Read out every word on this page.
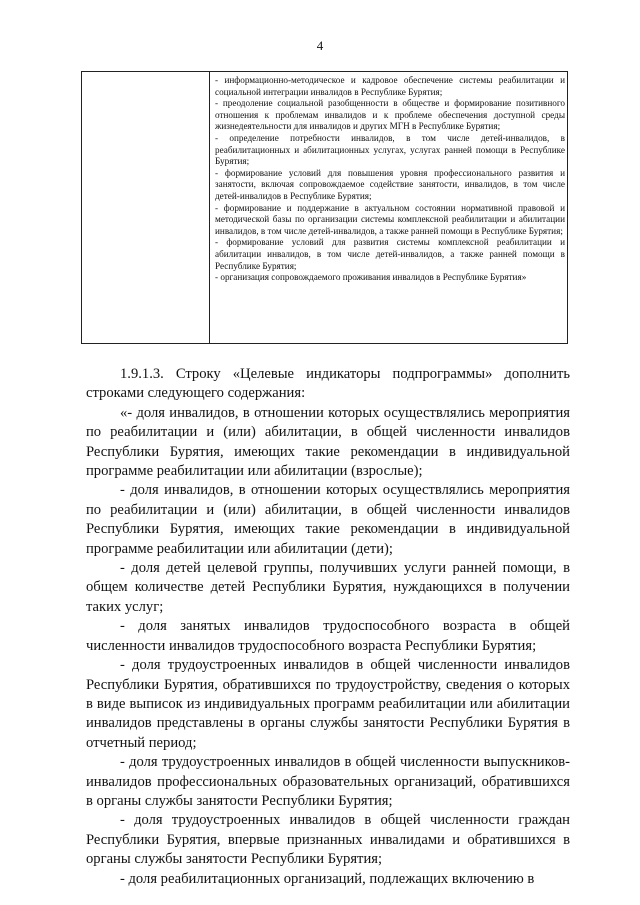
4

- информационно-методическое и кадровое обеспечение системы реабилитации и социальной интеграции инвалидов в Республике Бурятия;

- преодоление социальной разобщенности в обществе и формирование позитивного отношения к проблемам инвалидов и к проблеме обеспечения доступной среды жизнедеятельности для инвалидов и других МГН в Республике Бурятия;

- определение потребности инвалидов, в том числе детей-инвалидов, в реабилитационных и абилитационных услугах, услугах ранней помощи в Республике Бурятия;

- формирование условий для повышения уровня профессионального развития и занятости, включая сопровождаемое содействие занятости, инвалидов, в том числе детей-инвалидов в Республике Бурятия;

- формирование и поддержание в актуальном состоянии нормативной правовой и методической базы по организации системы комплексной реабилитации и абилитации инвалидов, в том числе детей-инвалидов, а также ранней помощи в Республике Бурятия;

- формирование условий для развития системы комплексной реабилитации и абилитации инвалидов, в том числе детей-инвалидов, а также ранней помощи в Республике Бурятия;

- организация сопровождаемого проживания инвалидов в Республике Бурятия»

1.9.1.3. Строку «Целевые индикаторы подпрограммы» дополнить строками следующего содержания:

«- доля инвалидов, в отношении которых осуществлялись мероприятия по реабилитации и (или) абилитации, в общей численности инвалидов Республики Бурятия, имеющих такие рекомендации в индивидуальной программе реабилитации или абилитации (взрослые);

- доля инвалидов, в отношении которых осуществлялись мероприятия по реабилитации и (или) абилитации, в общей численности инвалидов Республики Бурятия, имеющих такие рекомендации в индивидуальной программе реабилитации или абилитации (дети);

- доля детей целевой группы, получивших услуги ранней помощи, в общем количестве детей Республики Бурятия, нуждающихся в получении таких услуг;

- доля занятых инвалидов трудоспособного возраста в общей численности инвалидов трудоспособного возраста Республики Бурятия;

- доля трудоустроенных инвалидов в общей численности инвалидов Республики Бурятия, обратившихся по трудоустройству, сведения о которых в виде выписок из индивидуальных программ реабилитации или абилитации инвалидов представлены в органы службы занятости Республики Бурятия в отчетный период;

- доля трудоустроенных инвалидов в общей численности выпускников-инвалидов профессиональных образовательных организаций, обратившихся в органы службы занятости Республики Бурятия;

- доля трудоустроенных инвалидов в общей численности граждан Республики Бурятия, впервые признанных инвалидами и обратившихся в органы службы занятости Республики Бурятия;

- доля реабилитационных организаций, подлежащих включению в
